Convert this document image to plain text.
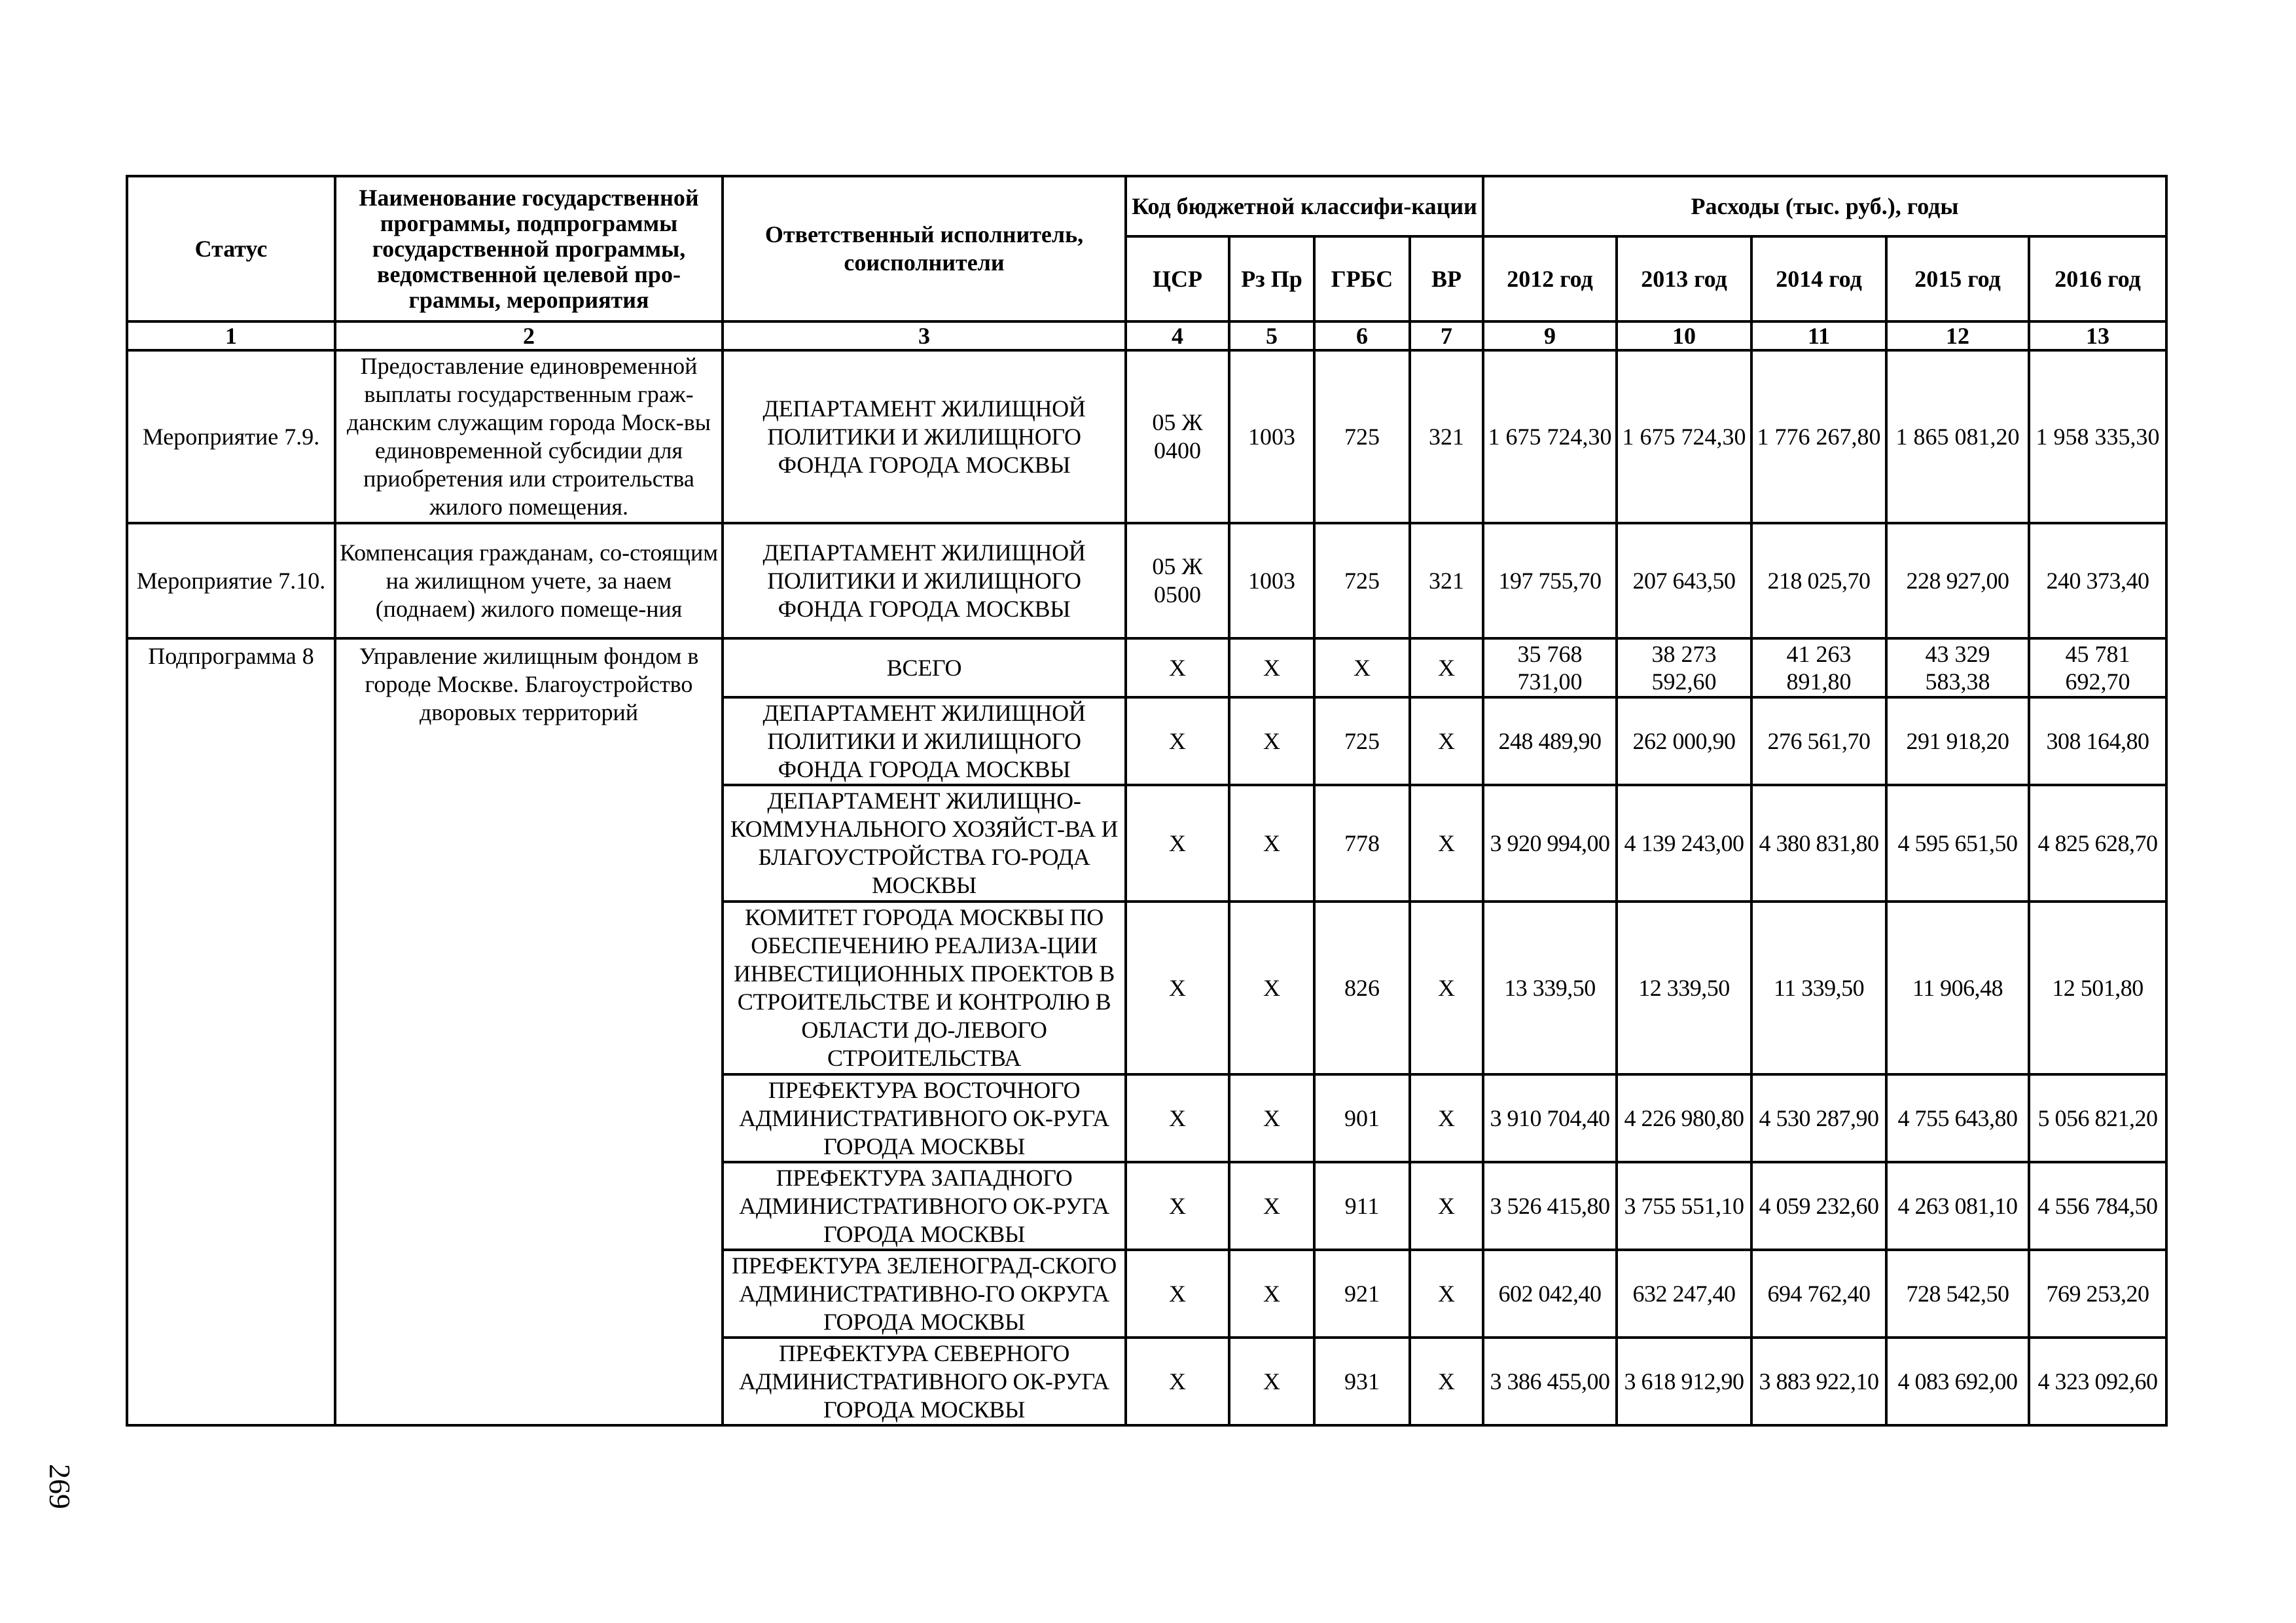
Статус	Наименование государственной программы, подпрограммы государственной программы, ведомственной целевой про-граммы, мероприятия	Ответственный исполнитель, соисполнители	Код бюджетной классифи-кации				Расходы (тыс. руб.), годы				
			ЦСР	Рз Пр	ГРБС	ВР	2012 год	2013 год	2014 год	2015 год	2016 год
1	2	3	4	5	6	7	9	10	11	12	13
Мероприятие 7.9.	Предоставление единовременной выплаты государственным граж-данским служащим города Моск-вы единовременной субсидии для приобретения или строительства жилого помещения.	ДЕПАРТАМЕНТ ЖИЛИЩНОЙ ПОЛИТИКИ И ЖИЛИЩНОГО ФОНДА ГОРОДА МОСКВЫ	05 Ж 0400	1003	725	321	1 675 724,30	1 675 724,30	1 776 267,80	1 865 081,20	1 958 335,30
Мероприятие 7.10.	Компенсация гражданам, со-стоящим на жилищном учете, за наем (поднаем) жилого помеще-ния	ДЕПАРТАМЕНТ ЖИЛИЩНОЙ ПОЛИТИКИ И ЖИЛИЩНОГО ФОНДА ГОРОДА МОСКВЫ	05 Ж 0500	1003	725	321	197 755,70	207 643,50	218 025,70	228 927,00	240 373,40
Подпрограмма 8	Управление жилищным фондом в городе Москве. Благоустройство дворовых территорий	ВСЕГО	X	X	X	X	35 768 731,00	38 273 592,60	41 263 891,80	43 329 583,38	45 781 692,70
		ДЕПАРТАМЕНТ ЖИЛИЩНОЙ ПОЛИТИКИ И ЖИЛИЩНОГО ФОНДА ГОРОДА МОСКВЫ	X	X	725	X	248 489,90	262 000,90	276 561,70	291 918,20	308 164,80
		ДЕПАРТАМЕНТ ЖИЛИЩНО-КОММУНАЛЬНОГО ХОЗЯЙСТ-ВА И БЛАГОУСТРОЙСТВА ГО-РОДА МОСКВЫ	X	X	778	X	3 920 994,00	4 139 243,00	4 380 831,80	4 595 651,50	4 825 628,70
		КОМИТЕТ ГОРОДА МОСКВЫ ПО ОБЕСПЕЧЕНИЮ РЕАЛИЗА-ЦИИ ИНВЕСТИЦИОННЫХ ПРОЕКТОВ В СТРОИТЕЛЬСТВЕ И КОНТРОЛЮ В ОБЛАСТИ ДО-ЛЕВОГО СТРОИТЕЛЬСТВА	X	X	826	X	13 339,50	12 339,50	11 339,50	11 906,48	12 501,80
		ПРЕФЕКТУРА ВОСТОЧНОГО АДМИНИСТРАТИВНОГО ОК-РУГА ГОРОДА МОСКВЫ	X	X	901	X	3 910 704,40	4 226 980,80	4 530 287,90	4 755 643,80	5 056 821,20
		ПРЕФЕКТУРА ЗАПАДНОГО АДМИНИСТРАТИВНОГО ОК-РУГА ГОРОДА МОСКВЫ	X	X	911	X	3 526 415,80	3 755 551,10	4 059 232,60	4 263 081,10	4 556 784,50
		ПРЕФЕКТУРА ЗЕЛЕНОГРАД-СКОГО АДМИНИСТРАТИВНО-ГО ОКРУГА ГОРОДА МОСКВЫ	X	X	921	X	602 042,40	632 247,40	694 762,40	728 542,50	769 253,20
		ПРЕФЕКТУРА СЕВЕРНОГО АДМИНИСТРАТИВНОГО ОК-РУГА ГОРОДА МОСКВЫ	X	X	931	X	3 386 455,00	3 618 912,90	3 883 922,10	4 083 692,00	4 323 092,60
269
